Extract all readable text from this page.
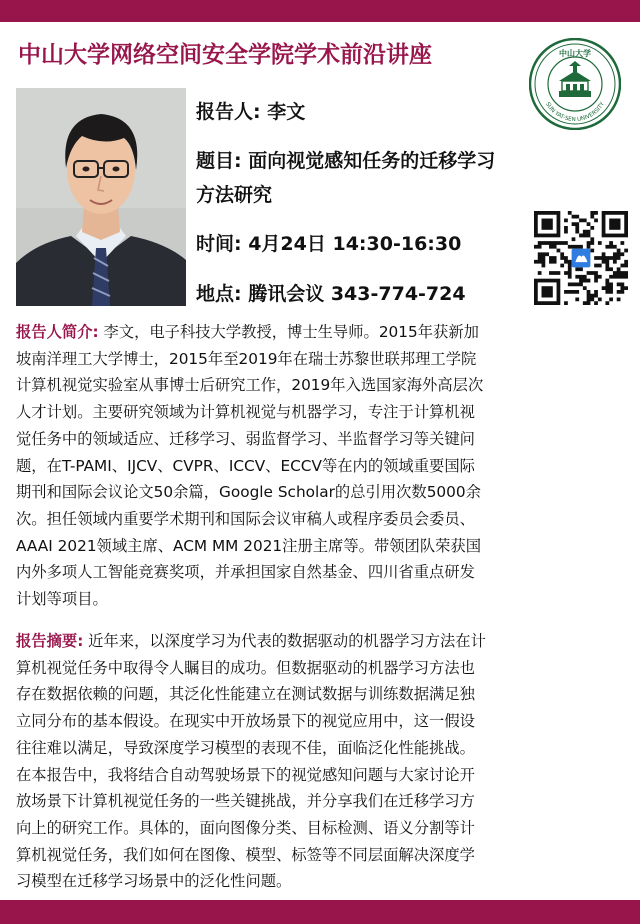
中山大学网络空间安全学院学术前沿讲座	中山大学
SUN YAT-SEN UNIVERSITY
报告人: 李文
题目: 面向视觉感知任务的迁移学习
方法研究
时间: 4月24日 14:30-16:30
地点: 腾讯会议 343-774-724
报告人简介: 李文，电子科技大学教授，博士生导师。2015年获新加
坡南洋理工大学博士，2015年至2019年在瑞士苏黎世联邦理工学院
计算机视觉实验室从事博士后研究工作，2019年入选国家海外高层次
人才计划。主要研究领域为计算机视觉与机器学习，专注于计算机视
觉任务中的领域适应、迁移学习、弱监督学习、半监督学习等关键问
题，在T-PAMI、IJCV、CVPR、ICCV、ECCV等在内的领域重要国际
期刊和国际会议论文50余篇，Google Scholar的总引用次数5000余
次。担任领域内重要学术期刊和国际会议审稿人或程序委员会委员、
AAAI 2021领域主席、ACM MM 2021注册主席等。带领团队荣获国
内外多项人工智能竞赛奖项，并承担国家自然基金、四川省重点研发
计划等项目。
报告摘要: 近年来，以深度学习为代表的数据驱动的机器学习方法在计
算机视觉任务中取得令人瞩目的成功。但数据驱动的机器学习方法也
存在数据依赖的问题，其泛化性能建立在测试数据与训练数据满足独
立同分布的基本假设。在现实中开放场景下的视觉应用中，这一假设
往往难以满足，导致深度学习模型的表现不佳，面临泛化性能挑战。
在本报告中，我将结合自动驾驶场景下的视觉感知问题与大家讨论开
放场景下计算机视觉任务的一些关键挑战，并分享我们在迁移学习方
向上的研究工作。具体的，面向图像分类、目标检测、语义分割等计
算机视觉任务，我们如何在图像、模型、标签等不同层面解决深度学
习模型在迁移学习场景中的泛化性问题。
